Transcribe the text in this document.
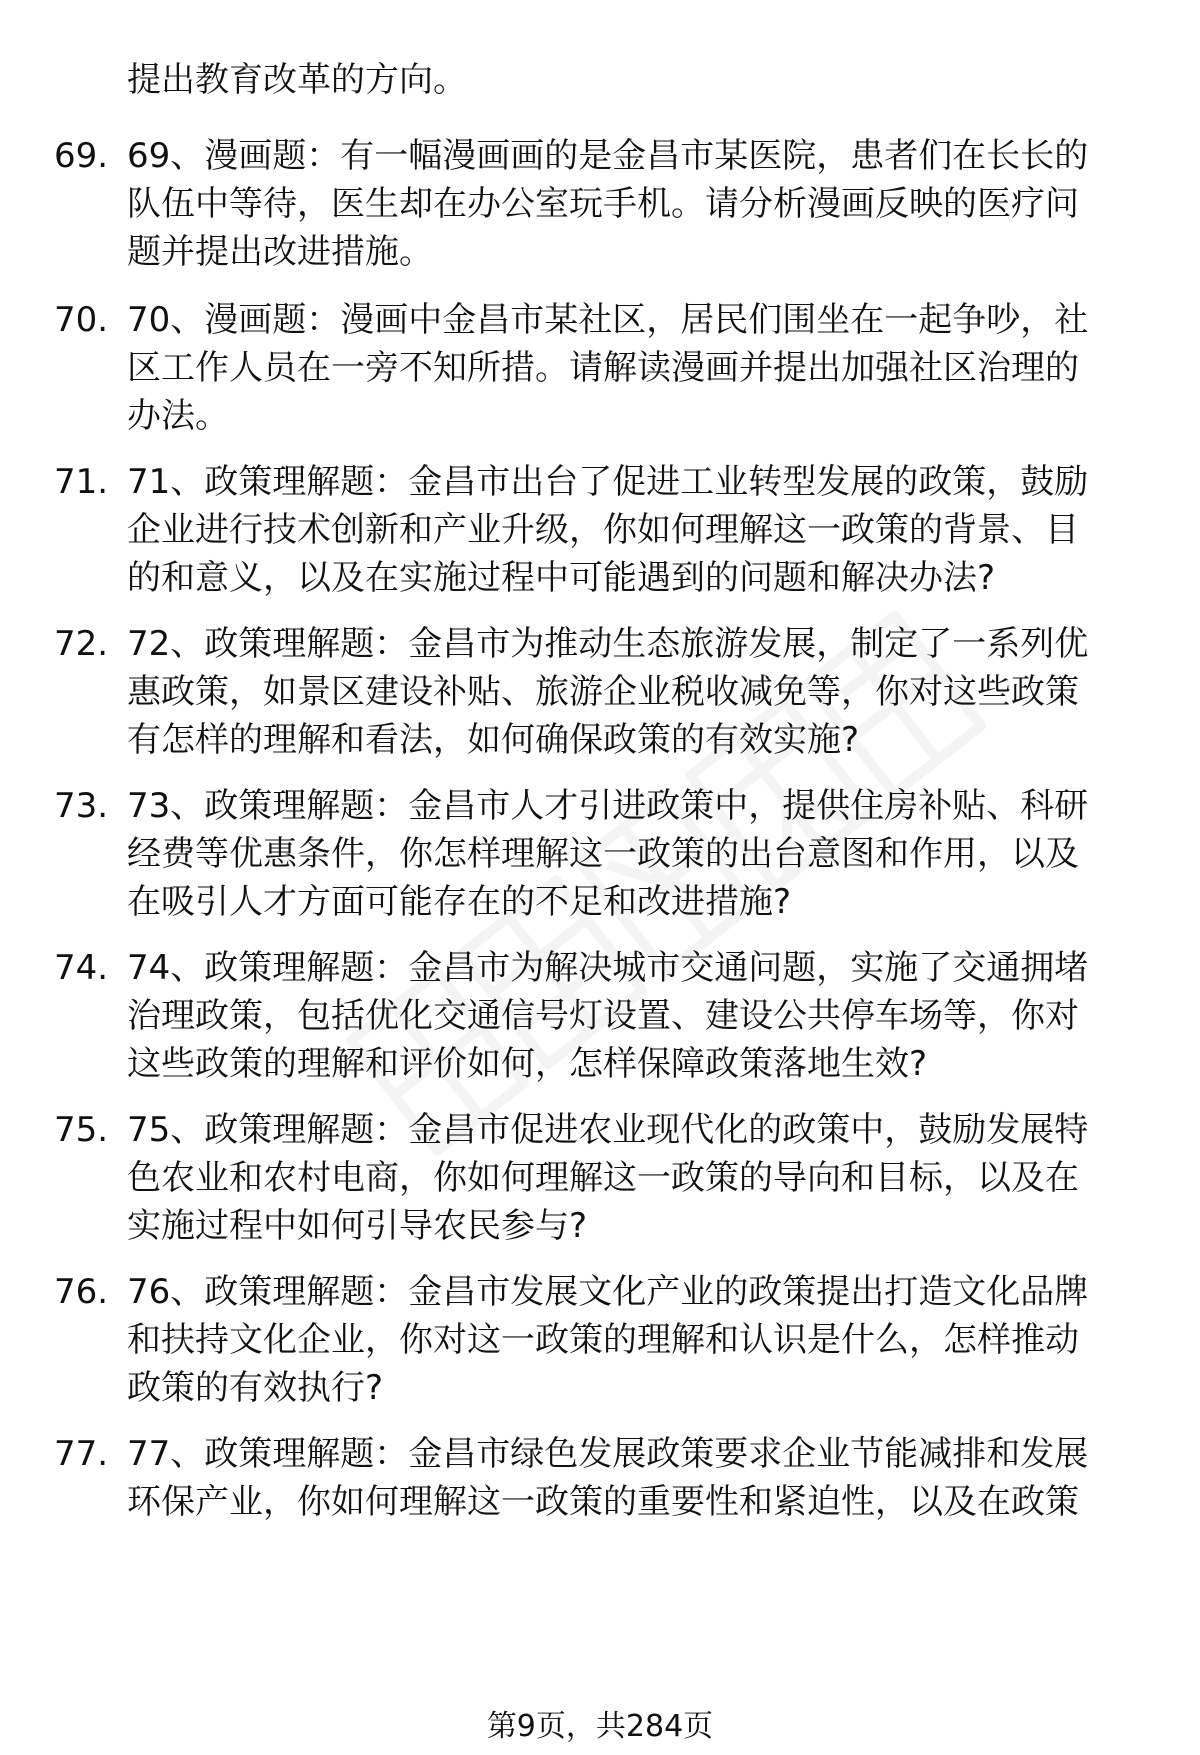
提出教育改革的方向。
69. 69、漫画题：有一幅漫画画的是金昌市某医院，患者们在长长的
队伍中等待，医生却在办公室玩手机。请分析漫画反映的医疗问
题并提出改进措施。
70. 70、漫画题：漫画中金昌市某社区，居民们围坐在一起争吵，社
区工作人员在一旁不知所措。请解读漫画并提出加强社区治理的
办法。
71. 71、政策理解题：金昌市出台了促进工业转型发展的政策，鼓励
企业进行技术创新和产业升级，你如何理解这一政策的背景、目
的和意义，以及在实施过程中可能遇到的问题和解决办法?
72. 72、政策理解题：金昌市为推动生态旅游发展，制定了一系列优
惠政策，如景区建设补贴、旅游企业税收减免等，你对这些政策
有怎样的理解和看法，如何确保政策的有效实施?
73. 73、政策理解题：金昌市人才引进政策中，提供住房补贴、科研
经费等优惠条件，你怎样理解这一政策的出台意图和作用，以及
在吸引人才方面可能存在的不足和改进措施?
74. 74、政策理解题：金昌市为解决城市交通问题，实施了交通拥堵
治理政策，包括优化交通信号灯设置、建设公共停车场等，你对
这些政策的理解和评价如何，怎样保障政策落地生效?
75. 75、政策理解题：金昌市促进农业现代化的政策中，鼓励发展特
色农业和农村电商，你如何理解这一政策的导向和目标，以及在
实施过程中如何引导农民参与?
76. 76、政策理解题：金昌市发展文化产业的政策提出打造文化品牌
和扶持文化企业，你对这一政策的理解和认识是什么，怎样推动
政策的有效执行?
77. 77、政策理解题：金昌市绿色发展政策要求企业节能减排和发展
环保产业，你如何理解这一政策的重要性和紧迫性，以及在政策
第9页，共284页
